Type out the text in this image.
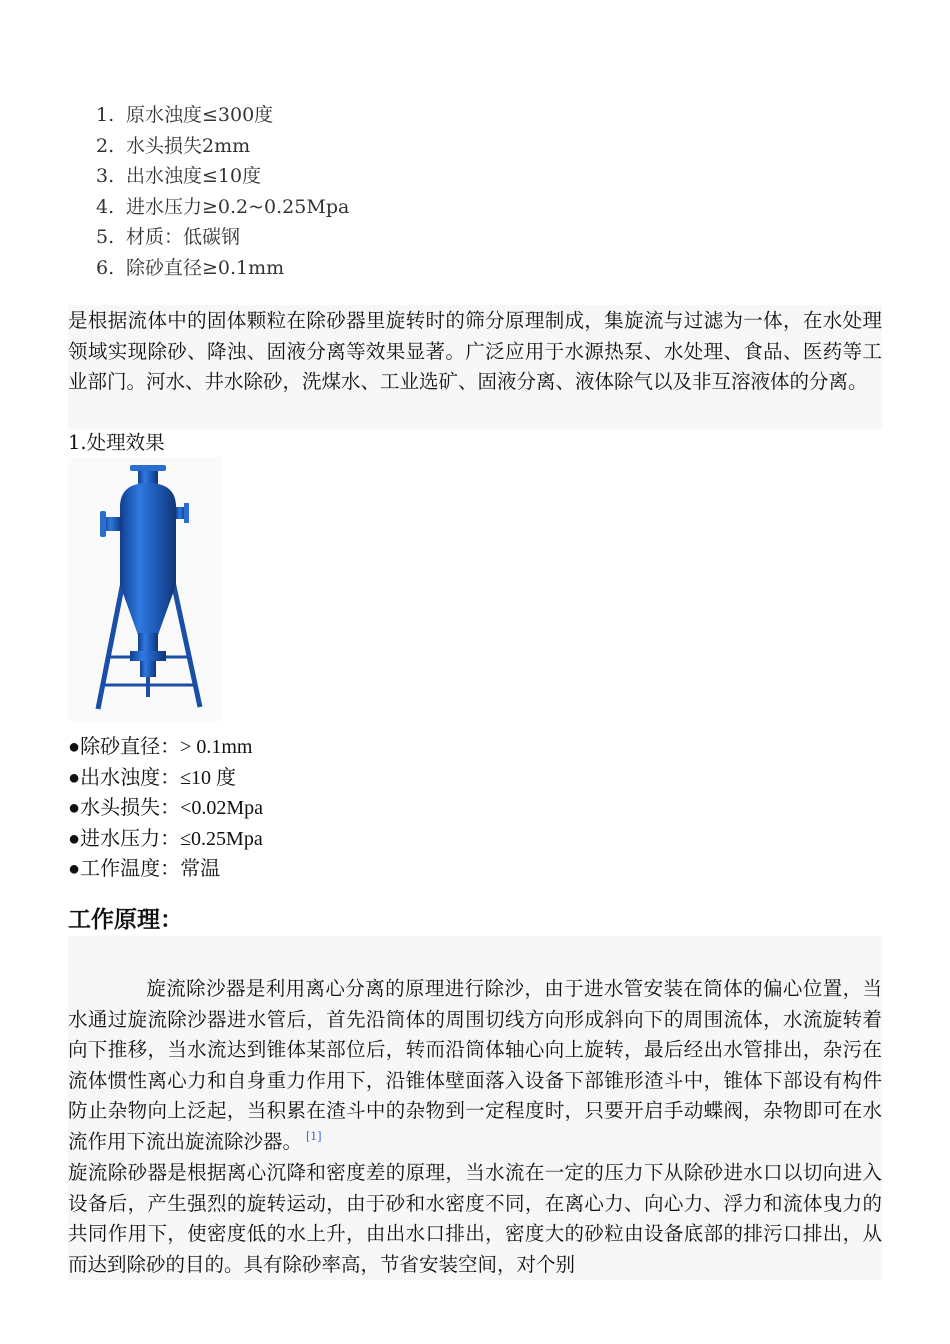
1. 原水浊度≤300度
2. 水头损失2mm
3. 出水浊度≤10度
4. 进水压力≥0.2~0.25Mpa
5. 材质：低碳钢
6. 除砂直径≥0.1mm

是根据流体中的固体颗粒在除砂器里旋转时的筛分原理制成，集旋流与过滤为一体，在水处理领域实现除砂、降浊、固液分离等效果显著。广泛应用于水源热泵、水处理、食品、医药等工业部门。河水、井水除砂，洗煤水、工业选矿、固液分离、液体除气以及非互溶液体的分离。

1.处理效果
●除砂直径：> 0.1mm
●出水浊度：≤10 度
●水头损失：<0.02Mpa
●进水压力：≤0.25Mpa
●工作温度：常温
工作原理：

旋流除沙器是利用离心分离的原理进行除沙，由于进水管安装在筒体的偏心位置，当水通过旋流除沙器进水管后，首先沿筒体的周围切线方向形成斜向下的周围流体，水流旋转着向下推移，当水流达到锥体某部位后，转而沿筒体轴心向上旋转，最后经出水管排出，杂污在流体惯性离心力和自身重力作用下，沿锥体壁面落入设备下部锥形渣斗中，锥体下部设有构件防止杂物向上泛起，当积累在渣斗中的杂物到一定程度时，只要开启手动蝶阀，杂物即可在水流作用下流出旋流除沙器。 [1]

旋流除砂器是根据离心沉降和密度差的原理，当水流在一定的压力下从除砂进水口以切向进入设备后，产生强烈的旋转运动，由于砂和水密度不同，在离心力、向心力、浮力和流体曳力的共同作用下，使密度低的水上升，由出水口排出，密度大的砂粒由设备底部的排污口排出，从而达到除砂的目的。具有除砂率高，节省安装空间，对个别
